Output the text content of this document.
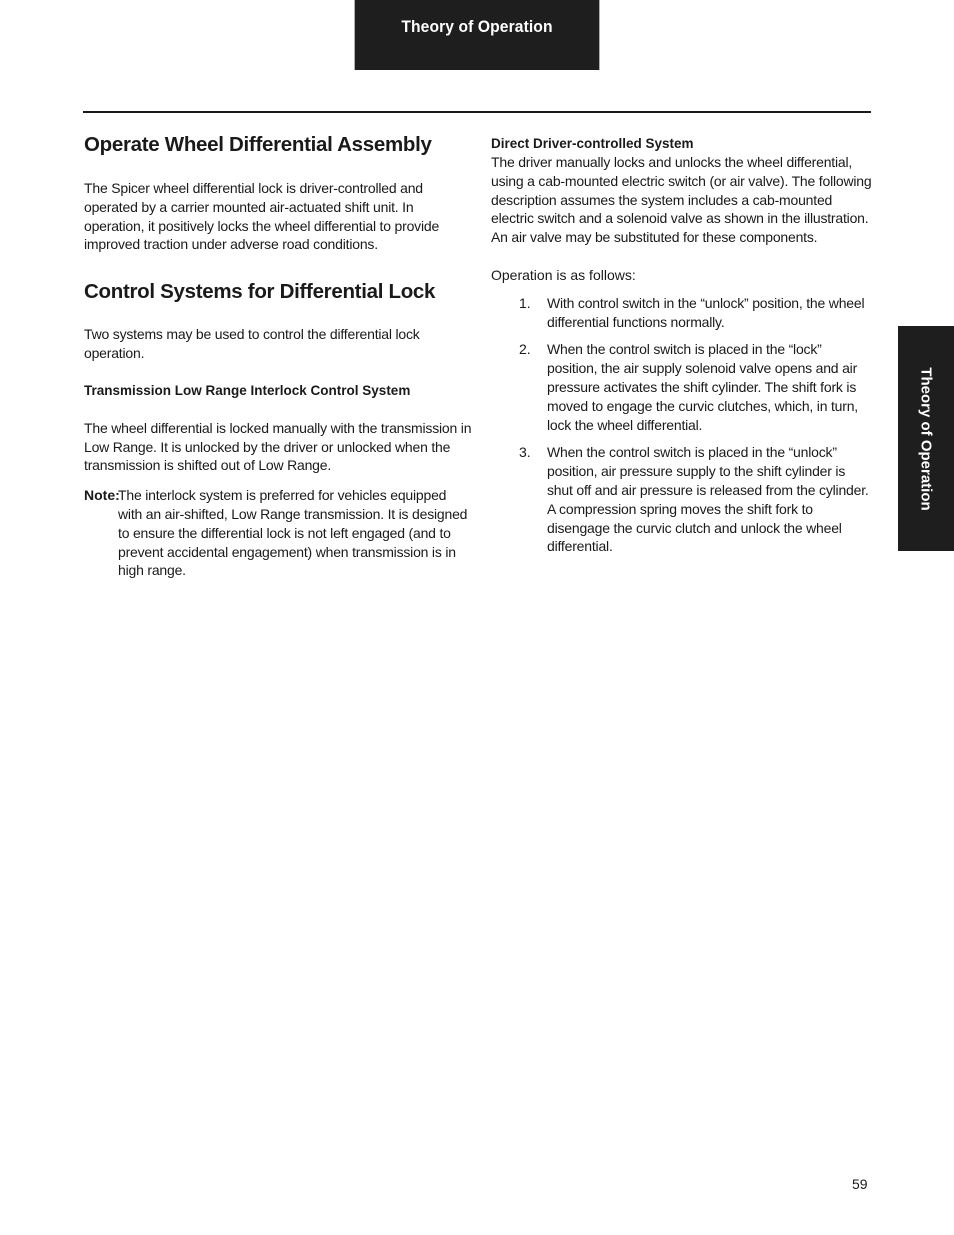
Theory of Operation
Theory of Operation
Operate Wheel Differential Assembly

The Spicer wheel differential lock is driver-controlled and operated by a carrier mounted air-actuated shift unit. In operation, it positively locks the wheel differential to provide improved traction under adverse road conditions.

Control Systems for Differential Lock

Two systems may be used to control the differential lock operation.

Transmission Low Range Interlock Control System

The wheel differential is locked manually with the transmission in Low Range. It is unlocked by the driver or unlocked when the transmission is shifted out of Low Range.

Note:
The interlock system is preferred for vehicles equipped with an air-shifted, Low Range transmission. It is designed to ensure the differential lock is not left engaged (and to prevent accidental engagement) when transmission is in high range.
Direct Driver-controlled System

The driver manually locks and unlocks the wheel differential, using a cab-mounted electric switch (or air valve). The following description assumes the system includes a cab-mounted electric switch and a solenoid valve as shown in the illustration. An air valve may be substituted for these components.

Operation is as follows:

1.	With control switch in the “unlock” position, the wheel differential functions normally.
2.	When the control switch is placed in the “lock” position, the air supply solenoid valve opens and air pressure activates the shift cylinder. The shift fork is moved to engage the curvic clutches, which, in turn, lock the wheel differential.
3.	When the control switch is placed in the “unlock” position, air pressure supply to the shift cylinder is shut off and air pressure is released from the cylinder. A compression spring moves the shift fork to disengage the curvic clutch and unlock the wheel differential.
59
